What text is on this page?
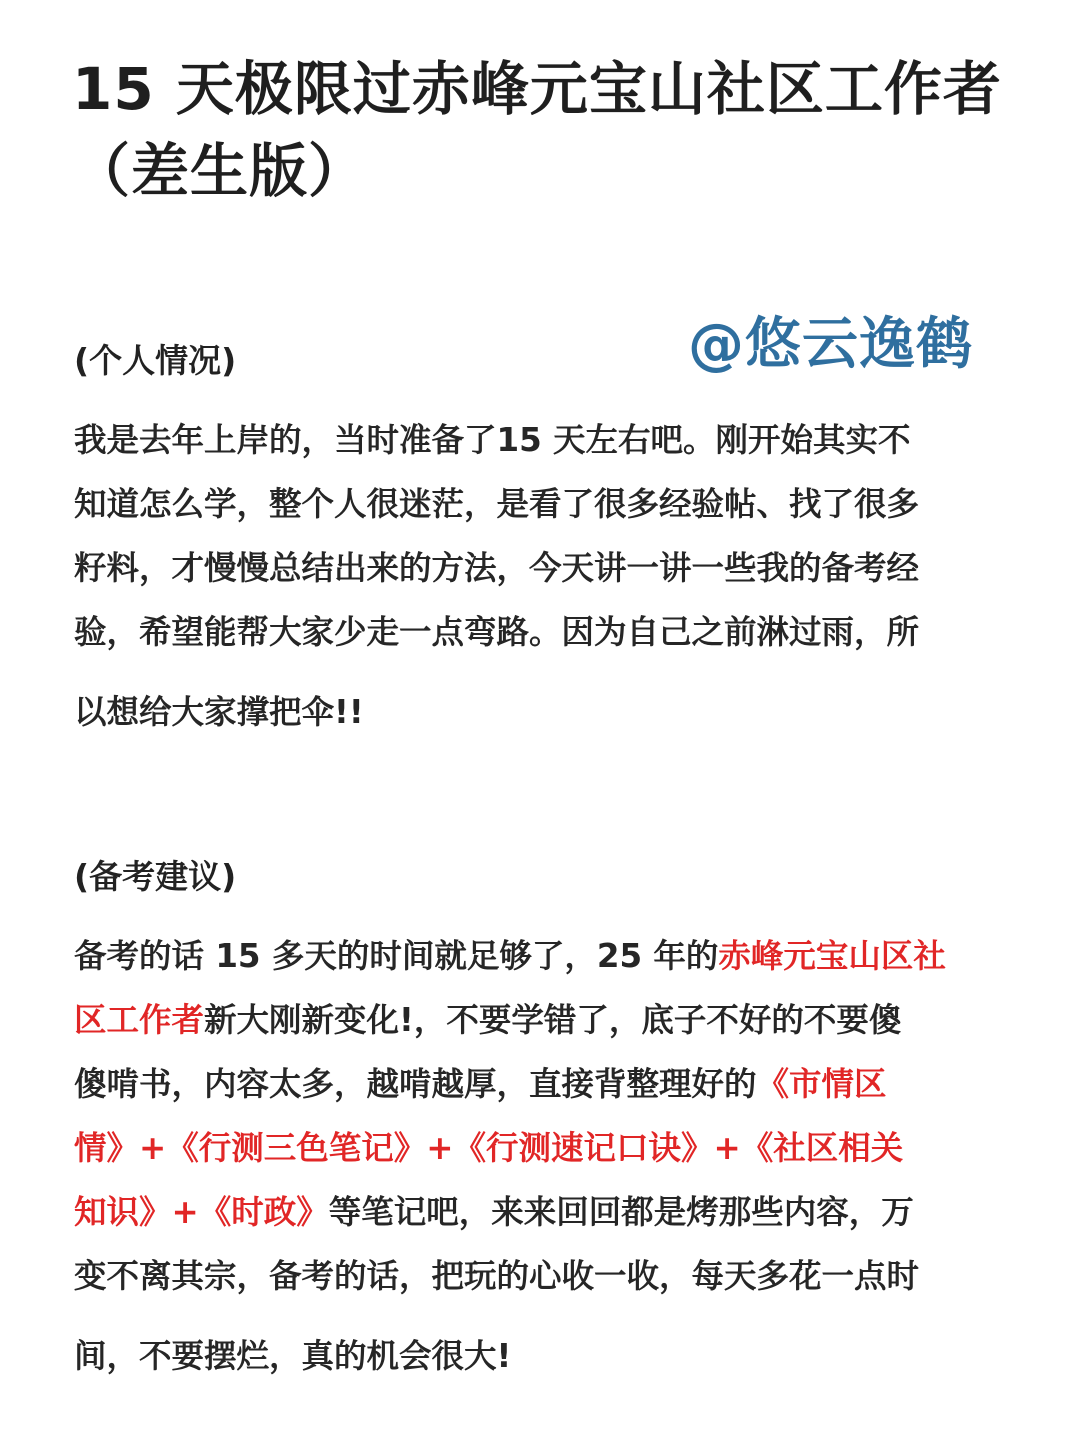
15 天极限过赤峰元宝山社区工作者
（差生版）
@悠云逸鹤
(个人情况)
我是去年上岸的，当时准备了15 天左右吧。刚开始其实不
知道怎么学，整个人很迷茫，是看了很多经验帖、找了很多
籽料，才慢慢总结出来的方法，今天讲一讲一些我的备考经
验，希望能帮大家少走一点弯路。因为自己之前淋过雨，所
以想给大家撑把伞!!
(备考建议)
备考的话 15 多天的时间就足够了，25 年的赤峰元宝山区社
区工作者新大刚新变化!，不要学错了，底子不好的不要傻
傻啃书，内容太多，越啃越厚，直接背整理好的《市情区
情》+《行测三色笔记》+《行测速记口诀》+《社区相关
知识》+《时政》等笔记吧，来来回回都是烤那些内容，万
变不离其宗，备考的话，把玩的心收一收，每天多花一点时
间，不要摆烂，真的机会很大!
